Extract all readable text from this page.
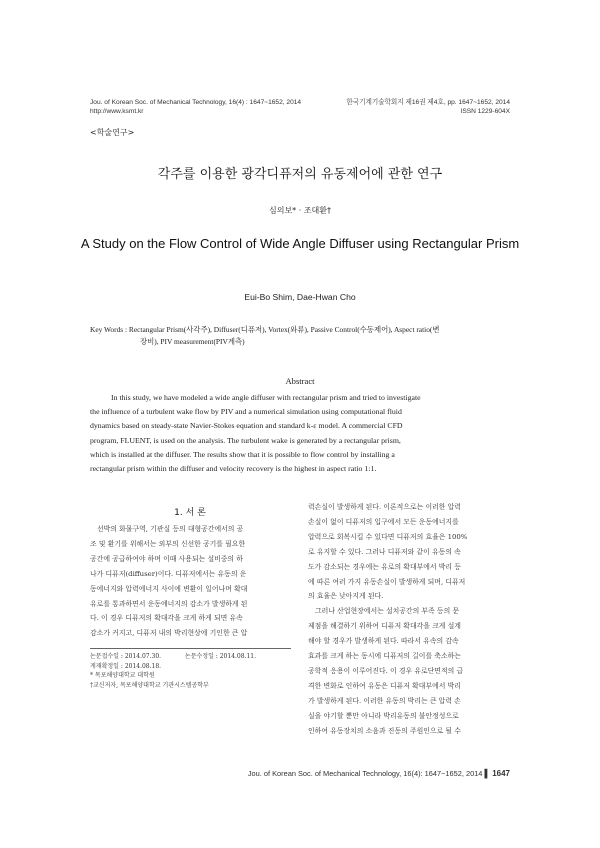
Jou. of Korean Soc. of Mechanical Technology, 16(4) : 1647~1652, 2014
http://www.ksmt.kr
한국기계기술학회지 제16권 제4호, pp. 1647~1652, 2014
ISSN 1229-604X
<학술연구>
각주를 이용한 광각디퓨저의 유동제어에 관한 연구
심의보* · 조대환†
A Study on the Flow Control of Wide Angle Diffuser using Rectangular Prism
Eui-Bo Shim, Dae-Hwan Cho
Key Words : Rectangular Prism(사각주), Diffuser(디퓨저), Vortex(와류), Passive Control(수동제어), Aspect ratio(변
장비), PIV measurement(PIV계측)
Abstract
In this study, we have modeled a wide angle diffuser with rectangular prism and tried to investigate
the influence of a turbulent wake flow by PIV and a numerical simulation using computational fluid
dynamics based on steady-state Navier-Stokes equation and standard k-ε model. A commercial CFD
program, FLUENT, is used on the analysis. The turbulent wake is generated by a rectangular prism,
which is installed at the diffuser. The results show that it is possible to flow control by installing a
rectangular prism within the diffuser and velocity recovery is the highest in aspect ratio 1:1.
1. 서 론
선박의 화물구역, 기관실 등의 대형공간에서의 공
조 및 환기를 위해서는 외부의 신선한 공기를 필요한
공간에 공급하여야 하며 이때 사용되는 설비중의 하
나가 디퓨저(diffuser)이다. 디퓨저에서는 유동의 운
동에너지와 압력에너지 사이에 변환이 일어나며 확대
유로를 통과하면서 운동에너지의 감소가 발생하게 된
다. 이 경우 디퓨저의 확대각을 크게 하게 되면 유속
감소가 커지고, 디퓨저 내의 박리현상에 기인한 큰 압
논문접수일 : 2014.07.30.	논문수정일 : 2014.08.11.
게재확정일 : 2014.08.18.
* 목포해양대학교 대학원
†교신저자, 목포해양대학교 기관시스템공학부
력손실이 발생하게 된다. 이론적으로는 이러한 압력
손실이 없이 디퓨저의 입구에서 모든 운동에너지를
압력으로 회복시킬 수 있다면 디퓨저의 효율은 100%
로 유지할 수 있다. 그러나 디퓨저와 같이 유동의 속
도가 감소되는 경우에는 유로의 확대부에서 박리 등
에 따른 여러 가지 유동손실이 발생하게 되며, 디퓨저
의 효율은 낮아지게 된다.
그러나 산업현장에서는 설치공간의 부족 등의 문
제점을 해결하기 위하여 디퓨저 확대각을 크게 설계
해야 할 경우가 발생하게 된다. 따라서 유속의 감속
효과를 크게 하는 동시에 디퓨저의 길이를 축소하는
공학적 응용이 이루어진다. 이 경우 유로단면적의 급
격한 변화로 인하여 유동은 디퓨저 확대부에서 박리
가 발생하게 된다. 이러한 유동의 박리는 큰 압력 손
실을 야기할 뿐만 아니라 박리유동의 불안정성으로
인하여 유동장치의 소음과 진동의 주원인으로 될 수
Jou. of Korean Soc. of Mechanical Technology, 16(4): 1647~1652, 2014 ▌ 1647
